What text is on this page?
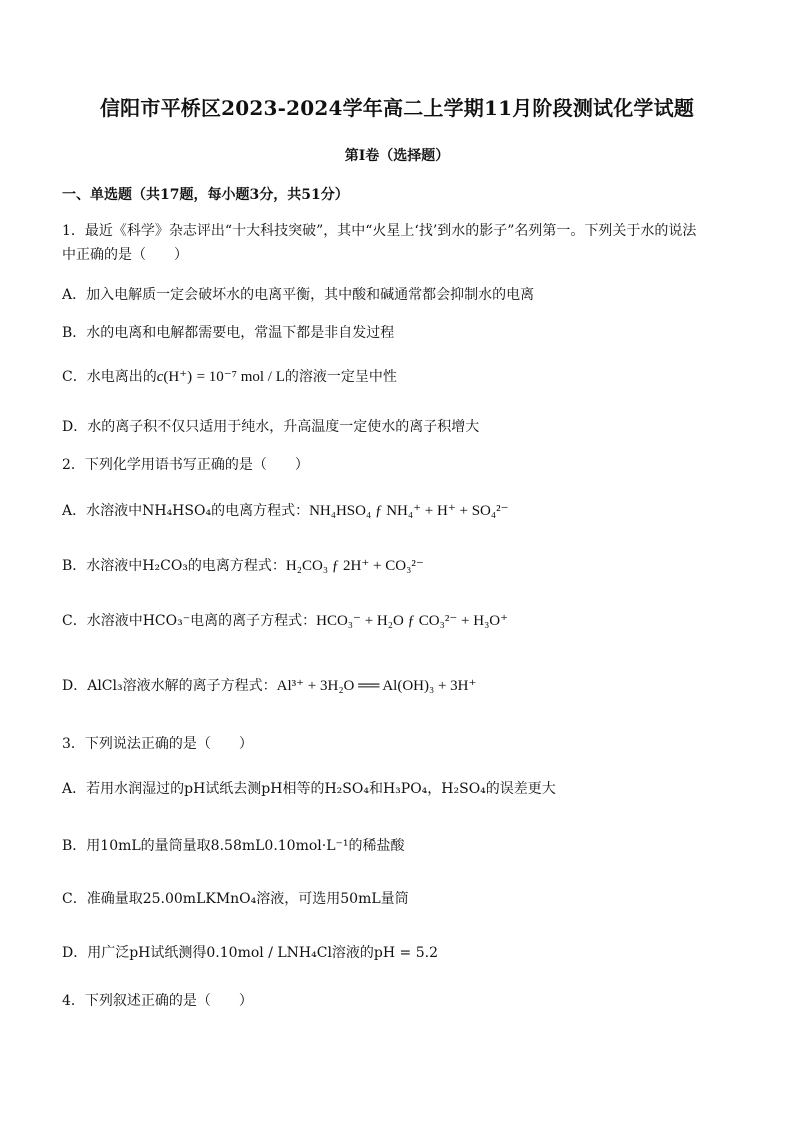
信阳市平桥区2023-2024学年高二上学期11月阶段测试化学试题
第Ⅰ卷（选择题）
一、单选题（共17题，每小题3分，共51分）
1．最近《科学》杂志评出“十大科技突破”，其中“火星上‘找’到水的影子”名列第一。下列关于水的说法
中正确的是（　　）
A．加入电解质一定会破坏水的电离平衡，其中酸和碱通常都会抑制水的电离
B．水的电离和电解都需要电，常温下都是非自发过程
C．水电离出的c(H⁺) = 10⁻⁷ mol / L的溶液一定呈中性
D．水的离子积不仅只适用于纯水，升高温度一定使水的离子积增大
2．下列化学用语书写正确的是（　　）
A．水溶液中NH₄HSO₄的电离方程式：NH₄HSO₄ ƒ NH₄⁺ + H⁺ + SO₄²⁻
B．水溶液中H₂CO₃的电离方程式：H₂CO₃ ƒ 2H⁺ + CO₃²⁻
C．水溶液中HCO₃⁻电离的离子方程式：HCO₃⁻ + H₂O ƒ CO₃²⁻ + H₃O⁺
D．AlCl₃溶液水解的离子方程式：Al³⁺ + 3H₂O ══ Al(OH)₃ + 3H⁺
3．下列说法正确的是（　　）
A．若用水润湿过的pH试纸去测pH相等的H₂SO₄和H₃PO₄，H₂SO₄的误差更大
B．用10mL的量筒量取8.58mL0.10mol·L⁻¹的稀盐酸
C．准确量取25.00mLKMnO₄溶液，可选用50mL量筒
D．用广泛pH试纸测得0.10mol / LNH₄Cl溶液的pH = 5.2
4．下列叙述正确的是（　　）
